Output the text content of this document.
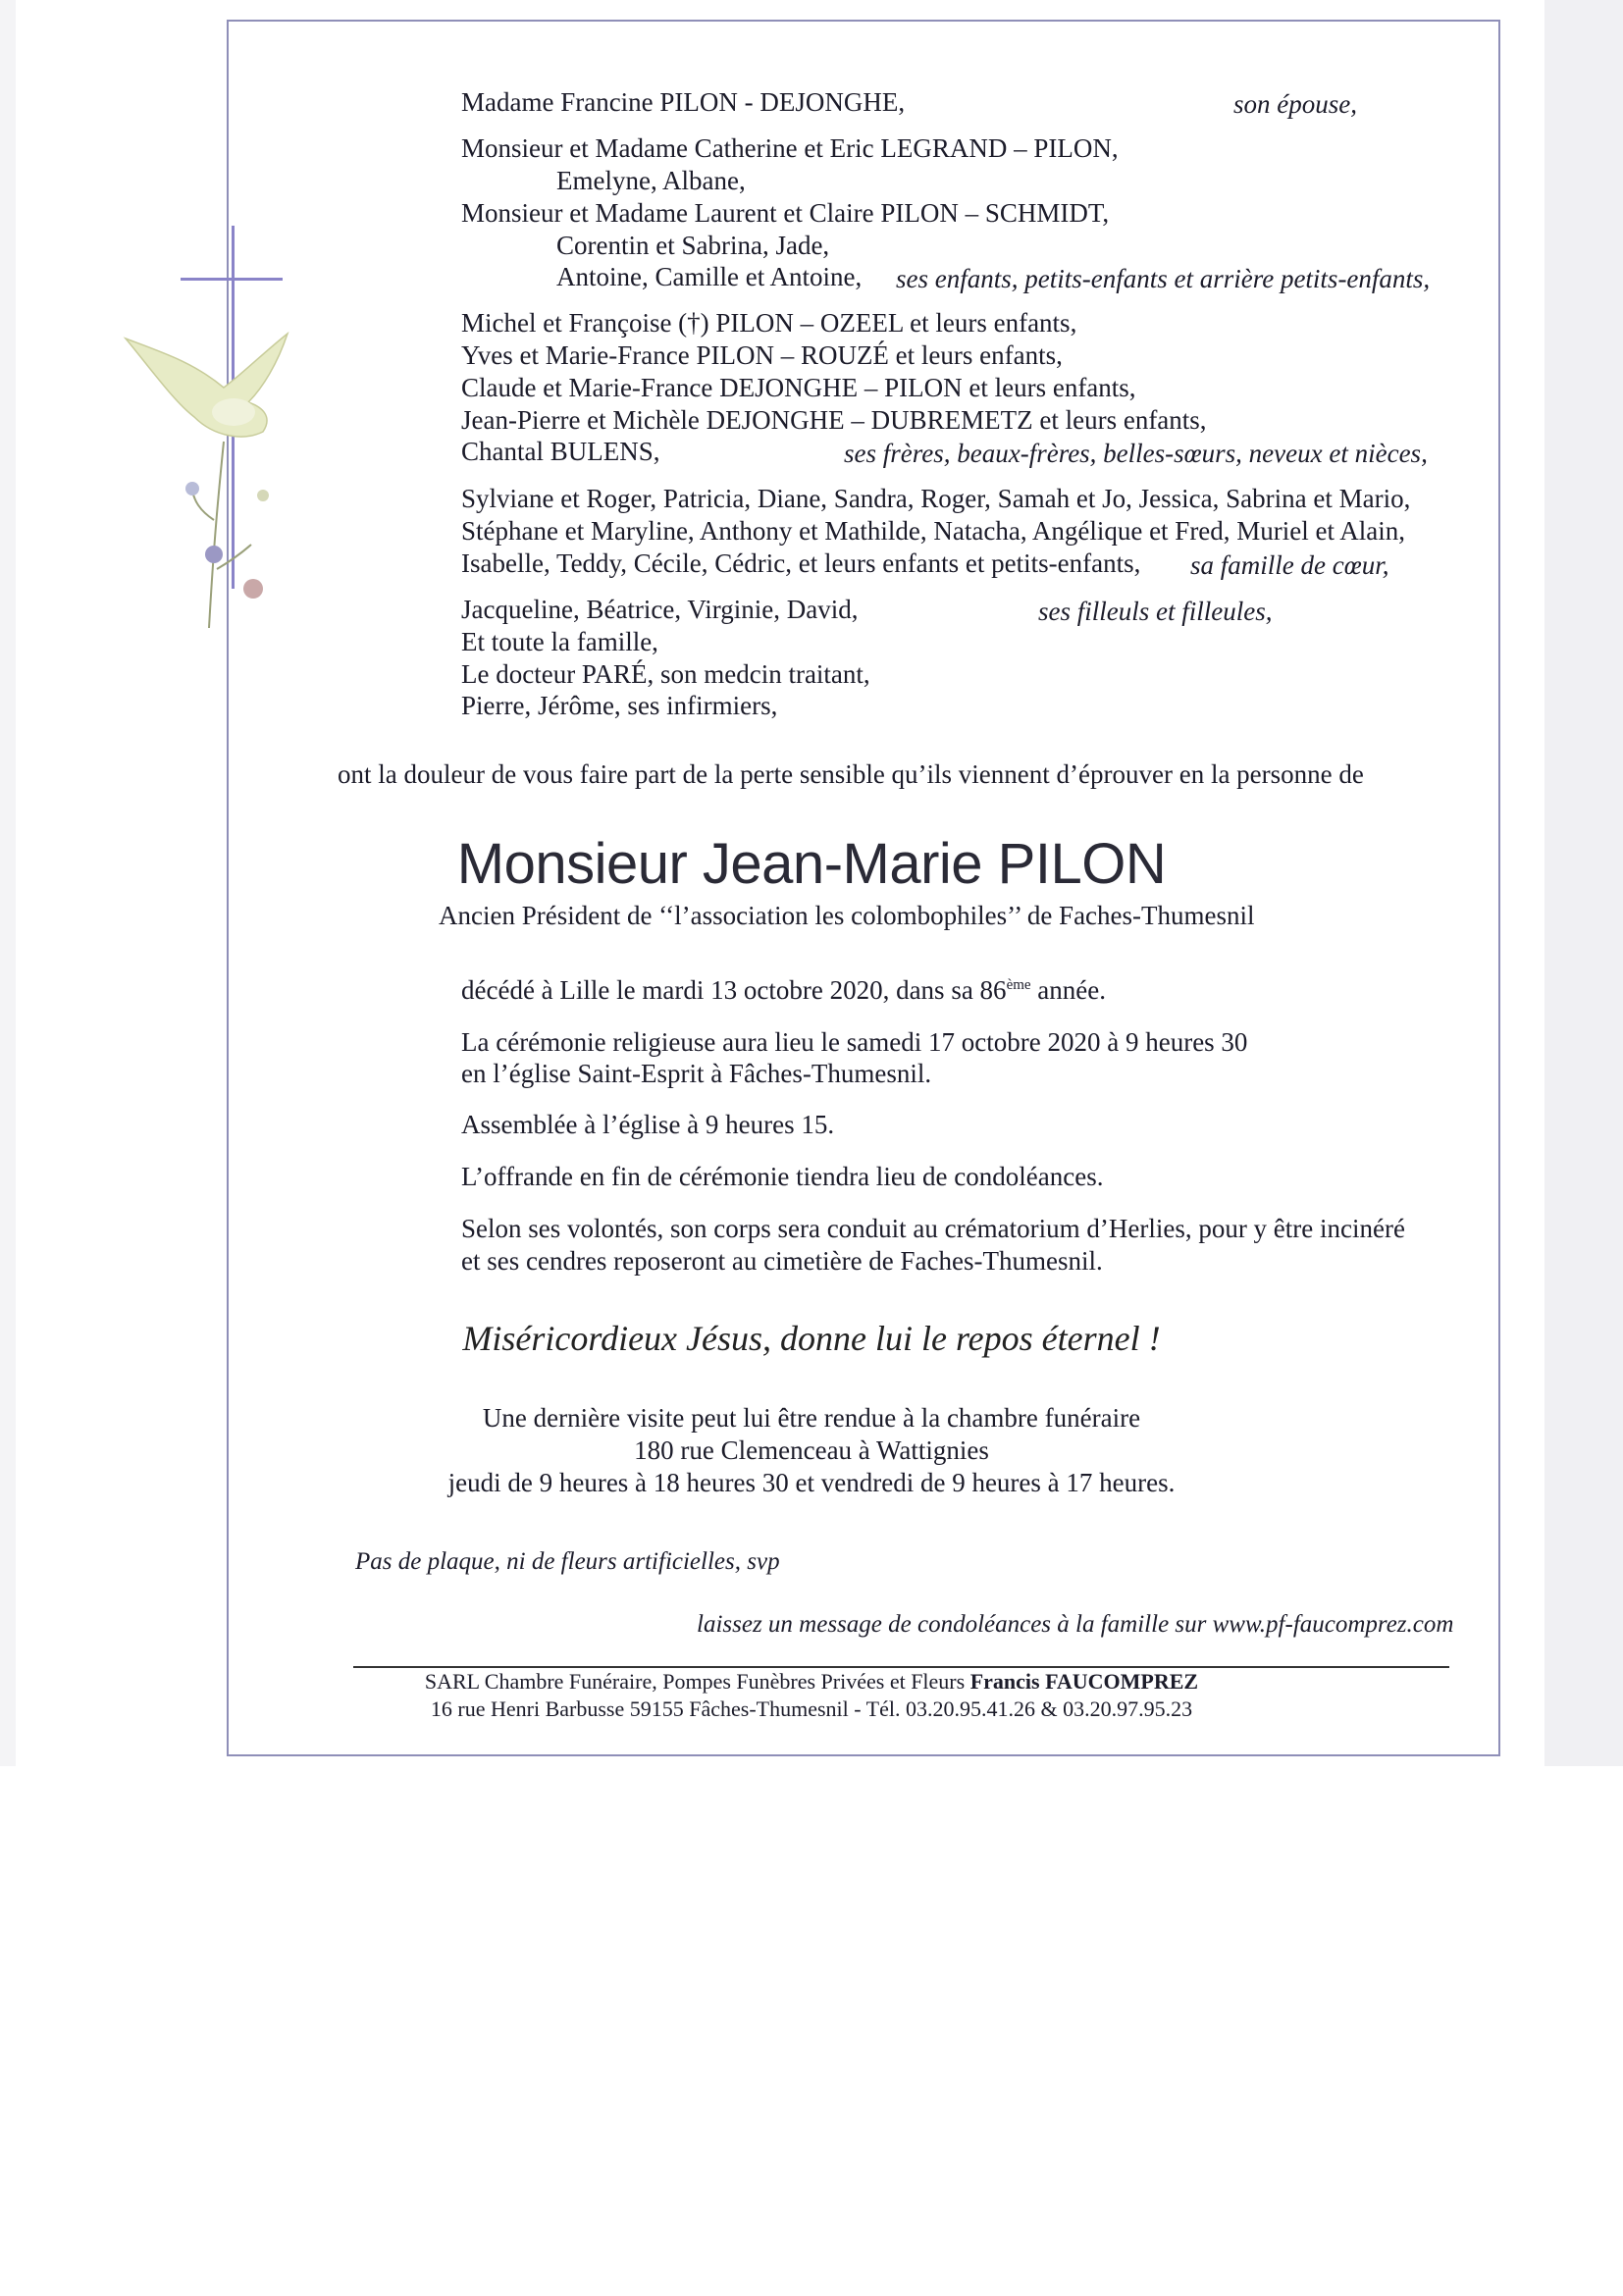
Madame Francine PILON - DEJONGHE,	son épouse,
Monsieur et Madame Catherine et Eric LEGRAND – PILON,
Emelyne, Albane,
Monsieur et Madame Laurent et Claire PILON – SCHMIDT,
Corentin et Sabrina, Jade,
Antoine, Camille et Antoine, ses enfants, petits-enfants et arrière petits-enfants,
Michel et Françoise (†) PILON – OZEEL et leurs enfants,
Yves et Marie-France PILON – ROUZÉ et leurs enfants,
Claude et Marie-France DEJONGHE – PILON et leurs enfants,
Jean-Pierre et Michèle DEJONGHE – DUBREMETZ et leurs enfants,
Chantal BULENS,	ses frères, beaux-frères, belles-sœurs, neveux et nièces,
Sylviane et Roger, Patricia, Diane, Sandra, Roger, Samah et Jo, Jessica, Sabrina et Mario,
Stéphane et Maryline, Anthony et Mathilde, Natacha, Angélique et Fred, Muriel et Alain,
Isabelle, Teddy, Cécile, Cédric, et leurs enfants et petits-enfants, sa famille de cœur,
Jacqueline, Béatrice, Virginie, David,	ses filleuls et filleules,
Et toute la famille,
Le docteur PARÉ, son medcin traitant,
Pierre, Jérôme, ses infirmiers,
ont la douleur de vous faire part de la perte sensible qu’ils viennent d’éprouver en la personne de
Monsieur Jean-Marie PILON
Ancien Président de ‘‘l’association les colombophiles’’ de Faches-Thumesnil
décédé à Lille le mardi 13 octobre 2020, dans sa 86ème année.
La cérémonie religieuse aura lieu le samedi 17 octobre 2020 à 9 heures 30
en l’église Saint-Esprit à Fâches-Thumesnil.
Assemblée à l’église à 9 heures 15.
L’offrande en fin de cérémonie tiendra lieu de condoléances.
Selon ses volontés, son corps sera conduit au crématorium d’Herlies, pour y être incinéré
et ses cendres reposeront au cimetière de Faches-Thumesnil.
Miséricordieux Jésus, donne lui le repos éternel !
Une dernière visite peut lui être rendue à la chambre funéraire
180 rue Clemenceau à Wattignies
jeudi de 9 heures à 18 heures 30 et vendredi de 9 heures à 17 heures.
Pas de plaque, ni de fleurs artificielles, svp
laissez un message de condoléances à la famille sur www.pf-faucomprez.com
SARL Chambre Funéraire, Pompes Funèbres Privées et Fleurs Francis FAUCOMPREZ
16 rue Henri Barbusse 59155 Fâches-Thumesnil - Tél. 03.20.95.41.26 & 03.20.97.95.23
